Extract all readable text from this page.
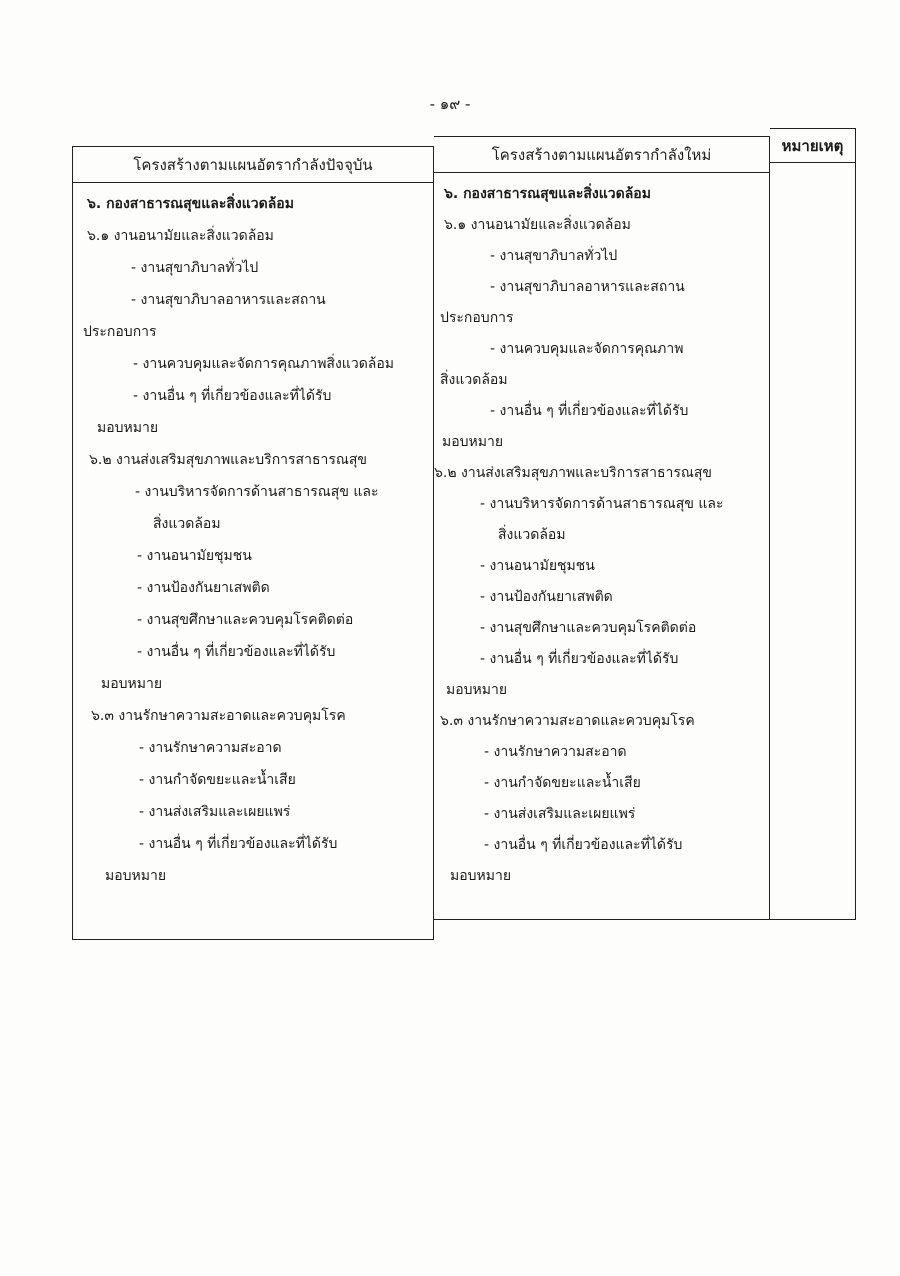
- ๑๙ -
โครงสร้างตามแผนอัตรากำลังปัจจุบัน
๖. กองสาธารณสุขและสิ่งแวดล้อม
๖.๑ งานอนามัยและสิ่งแวดล้อม
- งานสุขาภิบาลทั่วไป
- งานสุขาภิบาลอาหารและสถาน
ประกอบการ
- งานควบคุมและจัดการคุณภาพสิ่งแวดล้อม
- งานอื่น ๆ ที่เกี่ยวข้องและที่ได้รับ
มอบหมาย
๖.๒ งานส่งเสริมสุขภาพและบริการสาธารณสุข
- งานบริหารจัดการด้านสาธารณสุข และ
สิ่งแวดล้อม
- งานอนามัยชุมชน
- งานป้องกันยาเสพติด
- งานสุขศึกษาและควบคุมโรคติดต่อ
- งานอื่น ๆ ที่เกี่ยวข้องและที่ได้รับ
มอบหมาย
๖.๓ งานรักษาความสะอาดและควบคุมโรค
- งานรักษาความสะอาด
- งานกำจัดขยะและน้ำเสีย
- งานส่งเสริมและเผยแพร่
- งานอื่น ๆ ที่เกี่ยวข้องและที่ได้รับ
มอบหมาย
โครงสร้างตามแผนอัตรากำลังใหม่
๖. กองสาธารณสุขและสิ่งแวดล้อม
๖.๑ งานอนามัยและสิ่งแวดล้อม
- งานสุขาภิบาลทั่วไป
- งานสุขาภิบาลอาหารและสถาน
ประกอบการ
- งานควบคุมและจัดการคุณภาพ
สิ่งแวดล้อม
- งานอื่น ๆ ที่เกี่ยวข้องและที่ได้รับ
มอบหมาย
๖.๒ งานส่งเสริมสุขภาพและบริการสาธารณสุข
- งานบริหารจัดการด้านสาธารณสุข และ
สิ่งแวดล้อม
- งานอนามัยชุมชน
- งานป้องกันยาเสพติด
- งานสุขศึกษาและควบคุมโรคติดต่อ
- งานอื่น ๆ ที่เกี่ยวข้องและที่ได้รับ
มอบหมาย
๖.๓ งานรักษาความสะอาดและควบคุมโรค
- งานรักษาความสะอาด
- งานกำจัดขยะและน้ำเสีย
- งานส่งเสริมและเผยแพร่
- งานอื่น ๆ ที่เกี่ยวข้องและที่ได้รับ
มอบหมาย
หมายเหตุ
